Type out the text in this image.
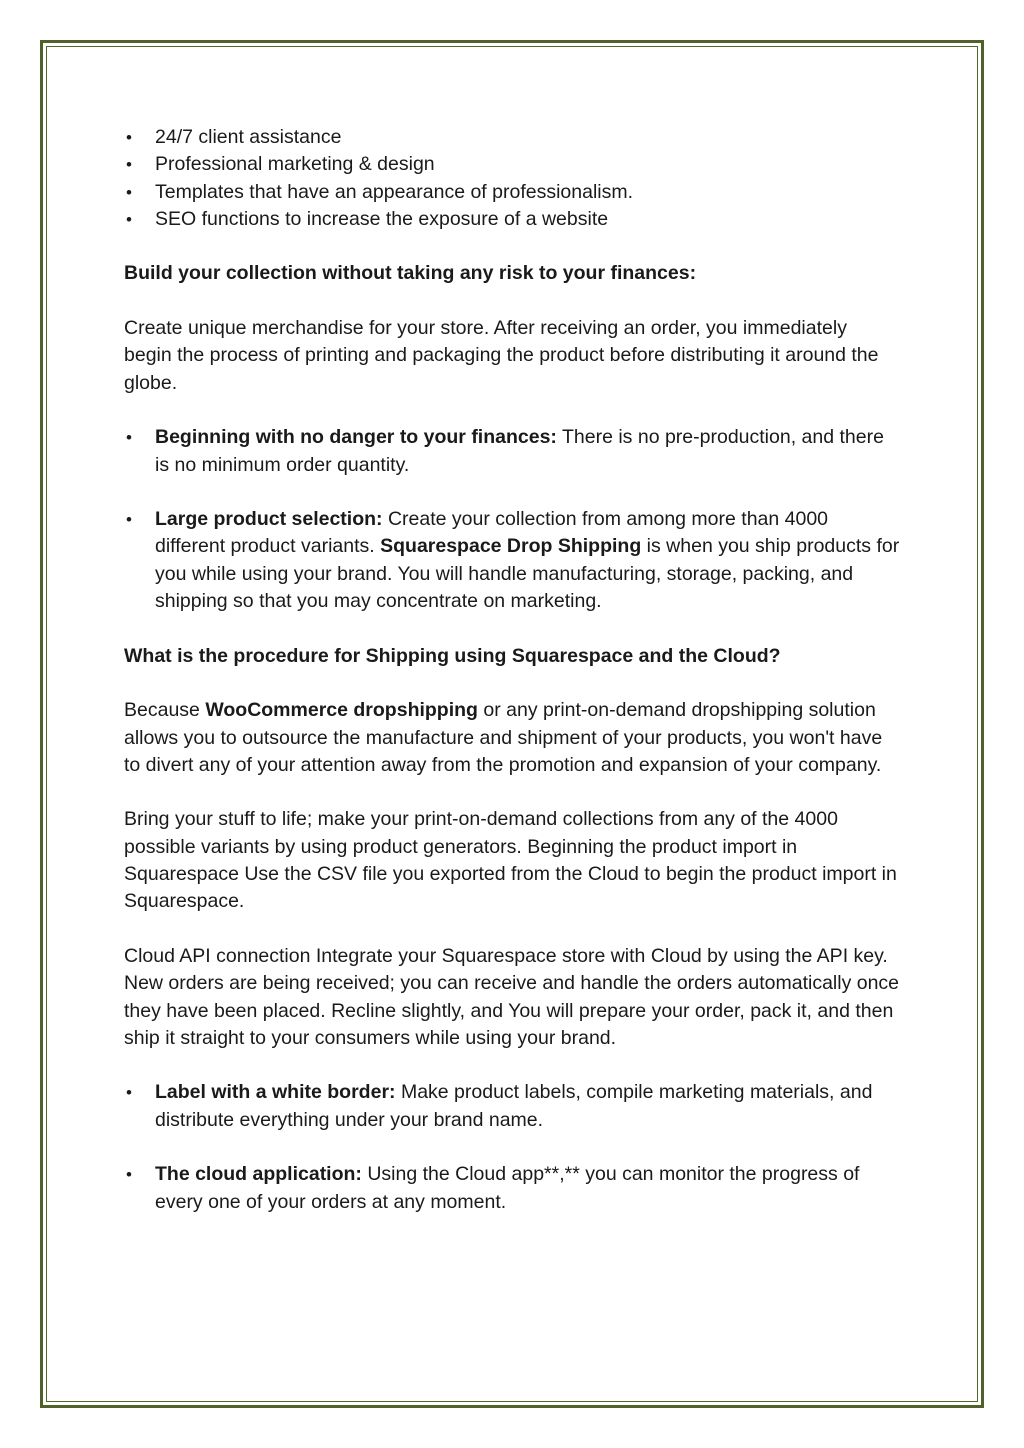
• 24/7 client assistance
• Professional marketing & design
• Templates that have an appearance of professionalism.
• SEO functions to increase the exposure of a website

Build your collection without taking any risk to your finances:

Create unique merchandise for your store. After receiving an order, you immediately begin the process of printing and packaging the product before distributing it around the globe.

• Beginning with no danger to your finances: There is no pre-production, and there is no minimum order quantity.
• Large product selection: Create your collection from among more than 4000 different product variants. Squarespace Drop Shipping is when you ship products for you while using your brand. You will handle manufacturing, storage, packing, and shipping so that you may concentrate on marketing.

What is the procedure for Shipping using Squarespace and the Cloud?

Because WooCommerce dropshipping or any print-on-demand dropshipping solution allows you to outsource the manufacture and shipment of your products, you won't have to divert any of your attention away from the promotion and expansion of your company.

Bring your stuff to life; make your print-on-demand collections from any of the 4000 possible variants by using product generators. Beginning the product import in Squarespace Use the CSV file you exported from the Cloud to begin the product import in Squarespace.

Cloud API connection Integrate your Squarespace store with Cloud by using the API key. New orders are being received; you can receive and handle the orders automatically once they have been placed. Recline slightly, and You will prepare your order, pack it, and then ship it straight to your consumers while using your brand.

• Label with a white border: Make product labels, compile marketing materials, and distribute everything under your brand name.
• The cloud application: Using the Cloud app**,** you can monitor the progress of every one of your orders at any moment.
